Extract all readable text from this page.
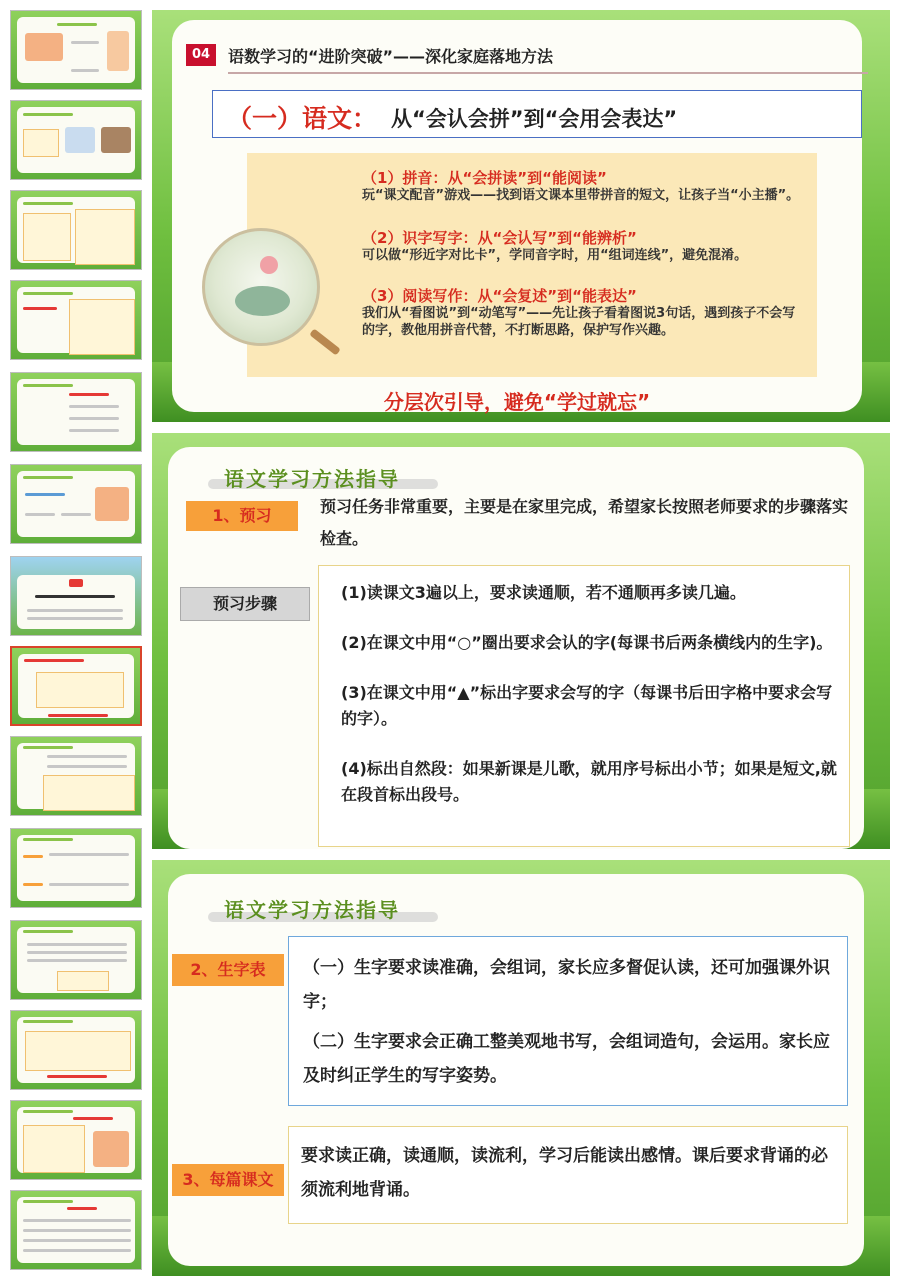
04	语数学习的“进阶突破”——深化家庭落地方法
（一）语文： 从“会认会拼”到“会用会表达”
（1）拼音：从“会拼读”到“能阅读”
玩“课文配音”游戏——找到语文课本里带拼音的短文，让孩子当“小主播”。
（2）识字写字：从“会认写”到“能辨析”
可以做“形近字对比卡”，学同音字时，用“组词连线”，避免混淆。
（3）阅读写作：从“会复述”到“能表达”
我们从“看图说”到“动笔写”——先让孩子看着图说3句话，遇到孩子不会写的字，教他用拼音代替，不打断思路，保护写作兴趣。
分层次引导，避免“学过就忘”
语文学习方法指导
1、预习	预习任务非常重要，主要是在家里完成，希望家长按照老师要求的步骤落实检查。
预习步骤

(1)读课文3遍以上，要求读通顺，若不通顺再多读几遍。

(2)在课文中用“○”圈出要求会认的字(每课书后两条横线内的生字)。

(3)在课文中用“▲”标出字要求会写的字（每课书后田字格中要求会写的字）。

(4)标出自然段：如果新课是儿歌，就用序号标出小节；如果是短文,就在段首标出段号。

语文学习方法指导
2、生字表	（一）生字要求读准确，会组词，家长应多督促认读，还可加强课外识字；

（二）生字要求会正确工整美观地书写，会组词造句，会运用。家长应及时纠正学生的写字姿势。

3、每篇课文

要求读正确，读通顺，读流利，学习后能读出感情。课后要求背诵的必须流利地背诵。
